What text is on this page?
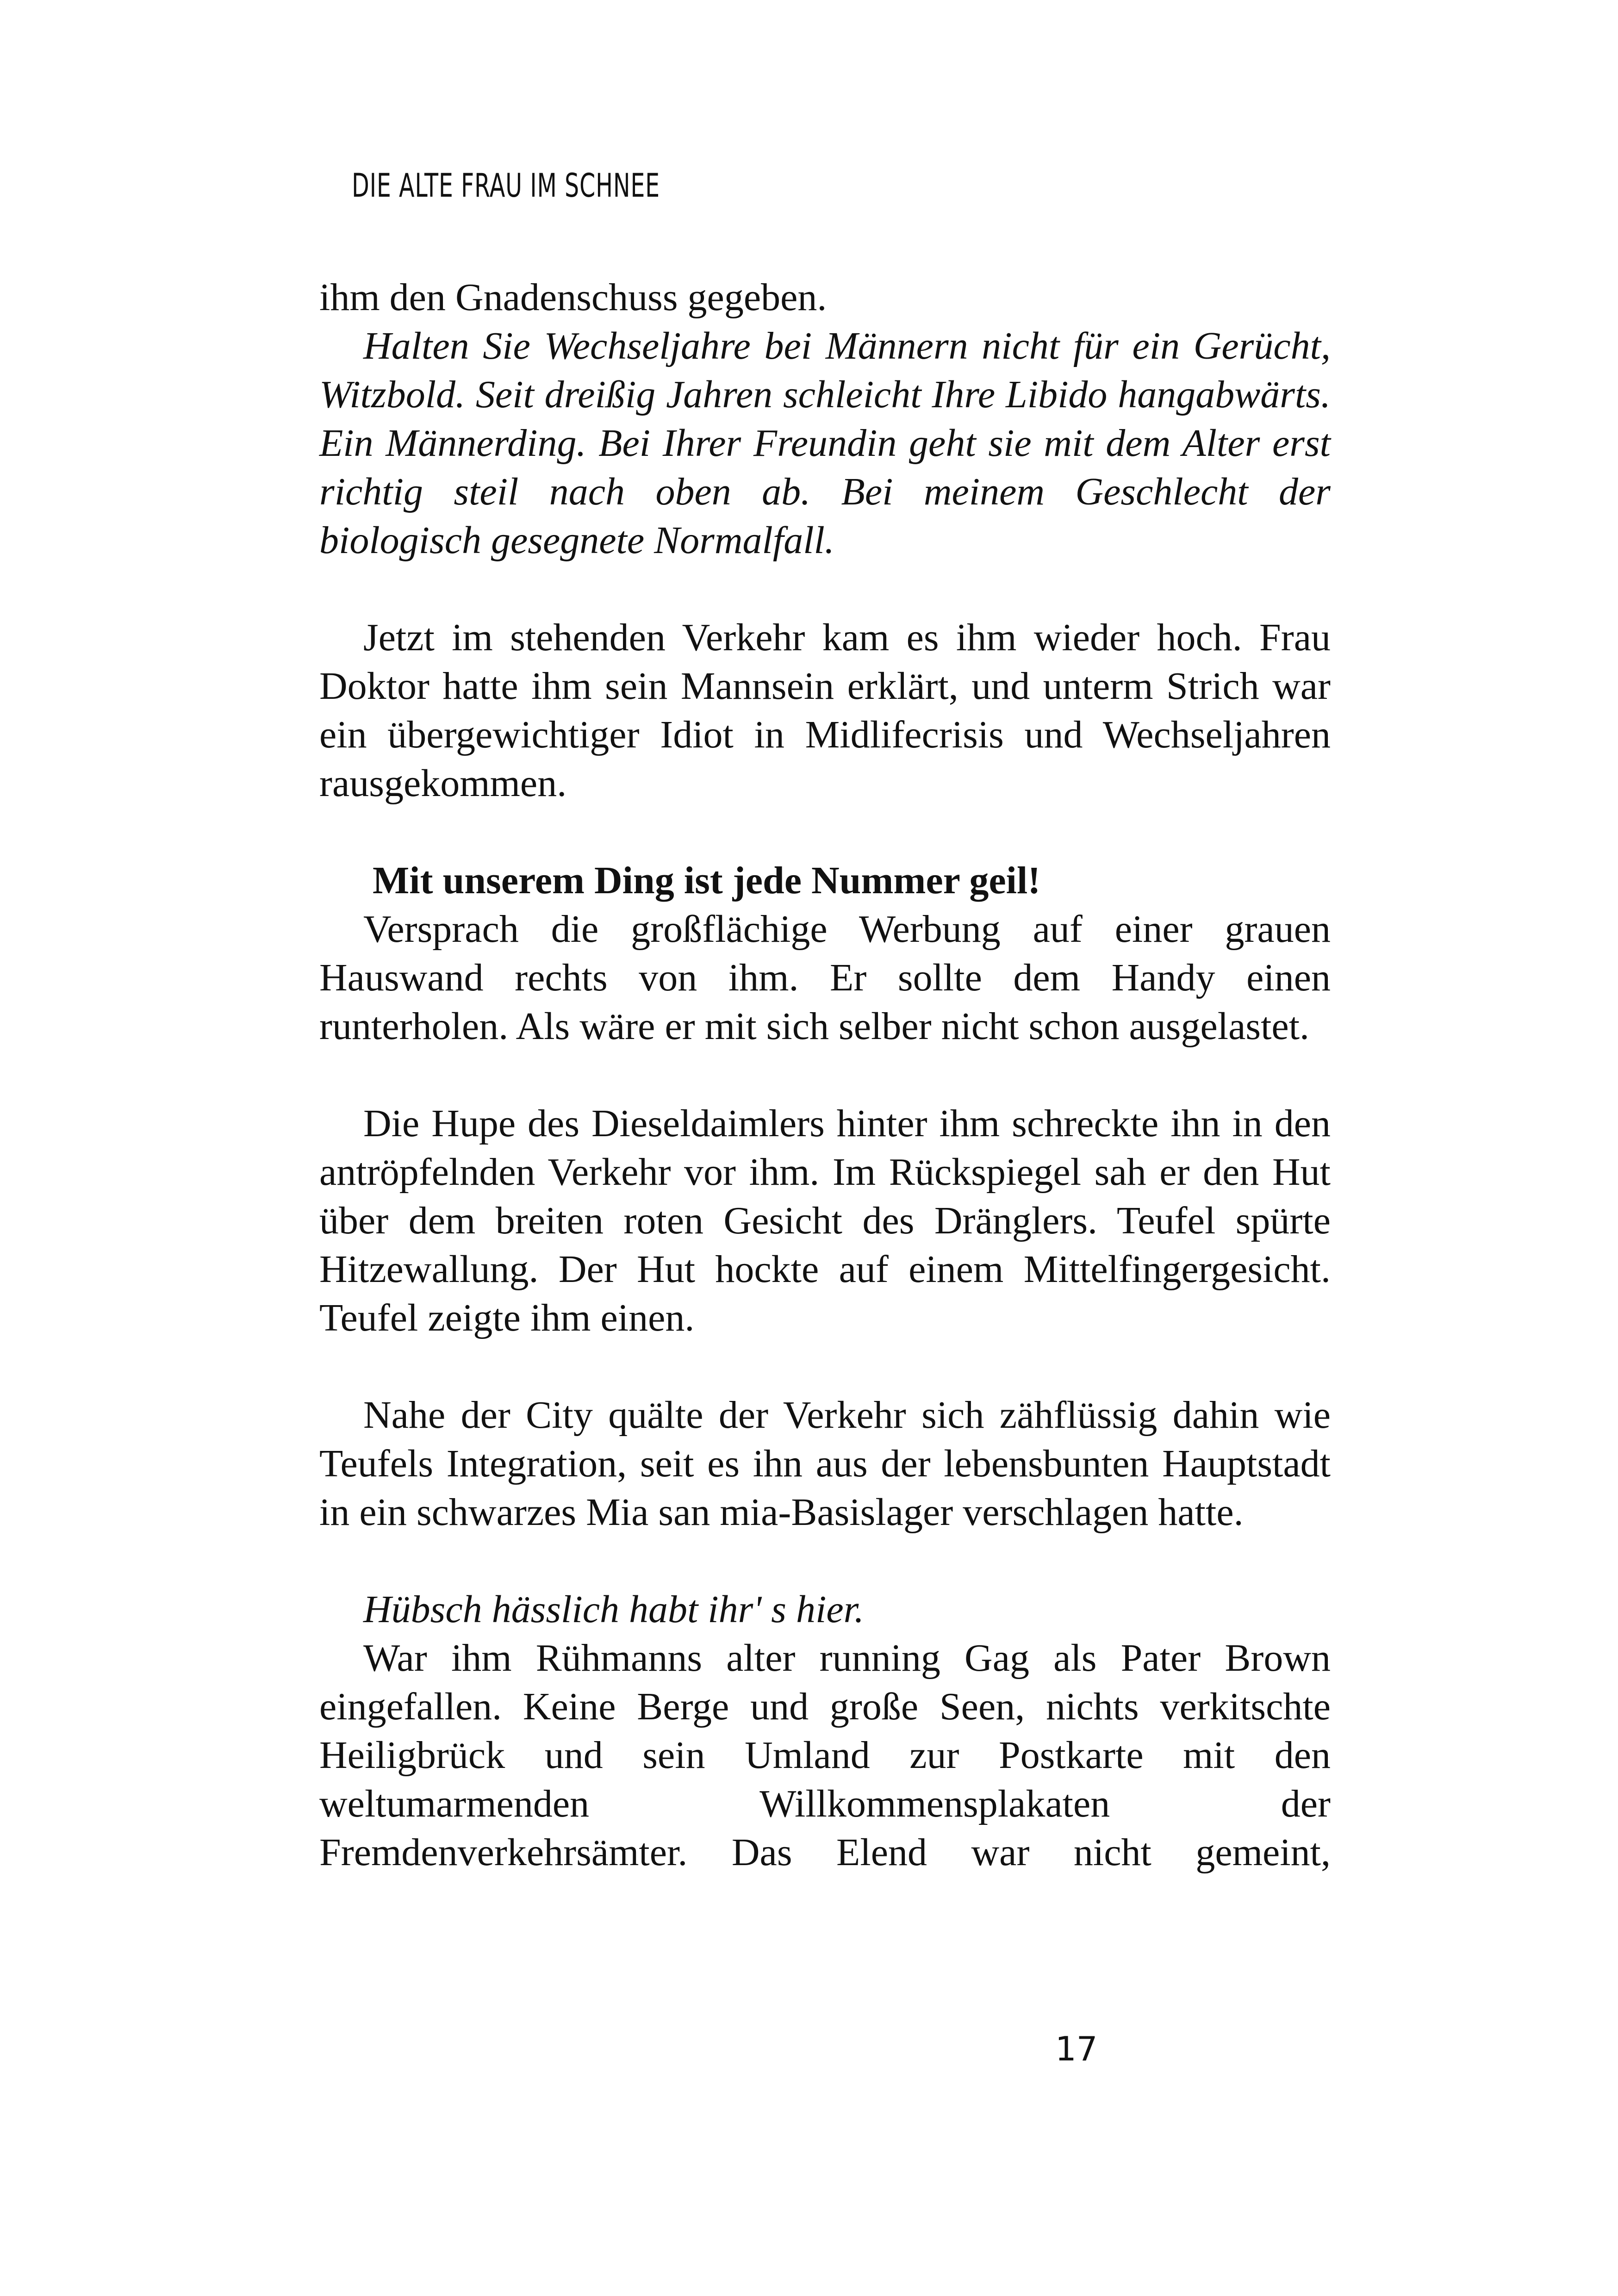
DIE ALTE FRAU IM SCHNEE

ihm den Gnadenschuss gegeben.

Halten Sie Wechseljahre bei Männern nicht für ein Gerücht, Witzbold. Seit dreißig Jahren schleicht Ihre Libido hangabwärts. Ein Männerding. Bei Ihrer Freundin geht sie mit dem Alter erst richtig steil nach oben ab. Bei meinem Geschlecht der biologisch gesegnete Normalfall.

Jetzt im stehenden Verkehr kam es ihm wieder hoch. Frau Doktor hatte ihm sein Mannsein erklärt, und unterm Strich war ein übergewichtiger Idiot in Midlifecrisis und Wechseljahren rausgekommen.

Mit unserem Ding ist jede Nummer geil!

Versprach die großflächige Werbung auf einer grauen Hauswand rechts von ihm. Er sollte dem Handy einen runterholen. Als wäre er mit sich selber nicht schon ausgelastet.

Die Hupe des Dieseldaimlers hinter ihm schreckte ihn in den antröpfelnden Verkehr vor ihm. Im Rückspiegel sah er den Hut über dem breiten roten Gesicht des Dränglers. Teufel spürte Hitzewallung. Der Hut hockte auf einem Mittelfingergesicht. Teufel zeigte ihm einen.

Nahe der City quälte der Verkehr sich zähflüssig dahin wie Teufels Integration, seit es ihn aus der lebensbunten Hauptstadt in ein schwarzes Mia san mia-Basislager verschlagen hatte.

Hübsch hässlich habt ihr' s hier.

War ihm Rühmanns alter running Gag als Pater Brown eingefallen. Keine Berge und große Seen, nichts verkitschte Heiligbrück und sein Umland zur Postkarte mit den weltumarmenden Willkommensplakaten der Fremdenverkehrsämter. Das Elend war nicht gemeint,

17
